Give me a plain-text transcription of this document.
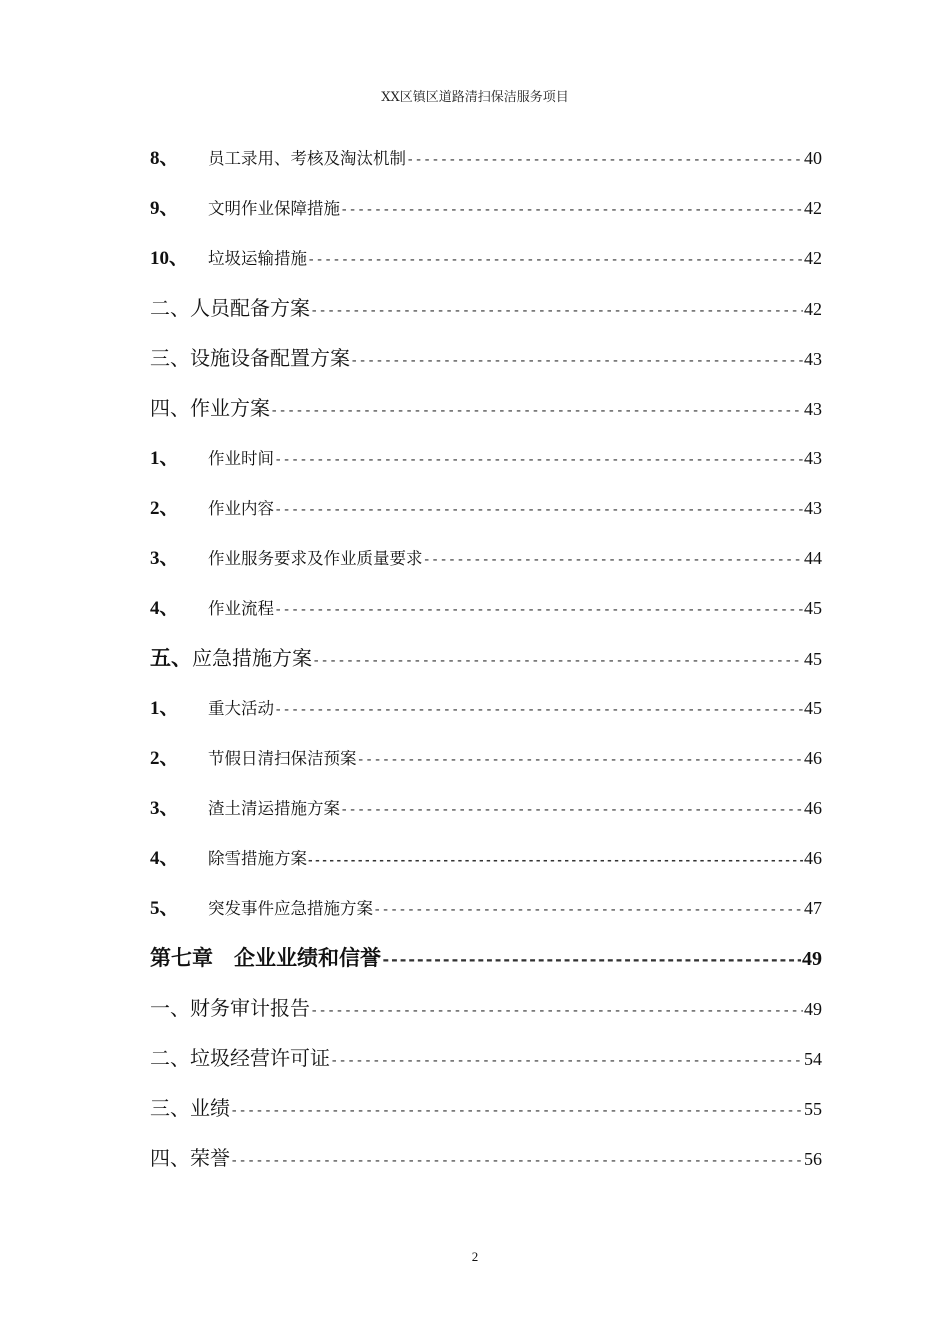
XX区镇区道路清扫保洁服务项目
8、	员工录用、考核及淘汰机制 -----	40
9、	文明作业保障措施 -----	42
10、	垃圾运输措施 -----	42
二、人员配备方案 -----	42
三、设施设备配置方案 -----	43
四、作业方案 -----	43
1、	作业时间 -----	43
2、	作业内容 -----	43
3、	作业服务要求及作业质量要求 -----	44
4、	作业流程 -----	45
五、 应急措施方案 -----	45
1、	重大活动 -----	45
2、	节假日清扫保洁预案 -----	46
3、	渣土清运措施方案 -----	46
4、	除雪措施方案 -----	46
5、	突发事件应急措施方案 -----	47
第七章　企业业绩和信誉 -----	49
一、财务审计报告 -----	49
二、垃圾经营许可证 -----	54
三、业绩 -----	55
四、荣誉 -----	56
2
